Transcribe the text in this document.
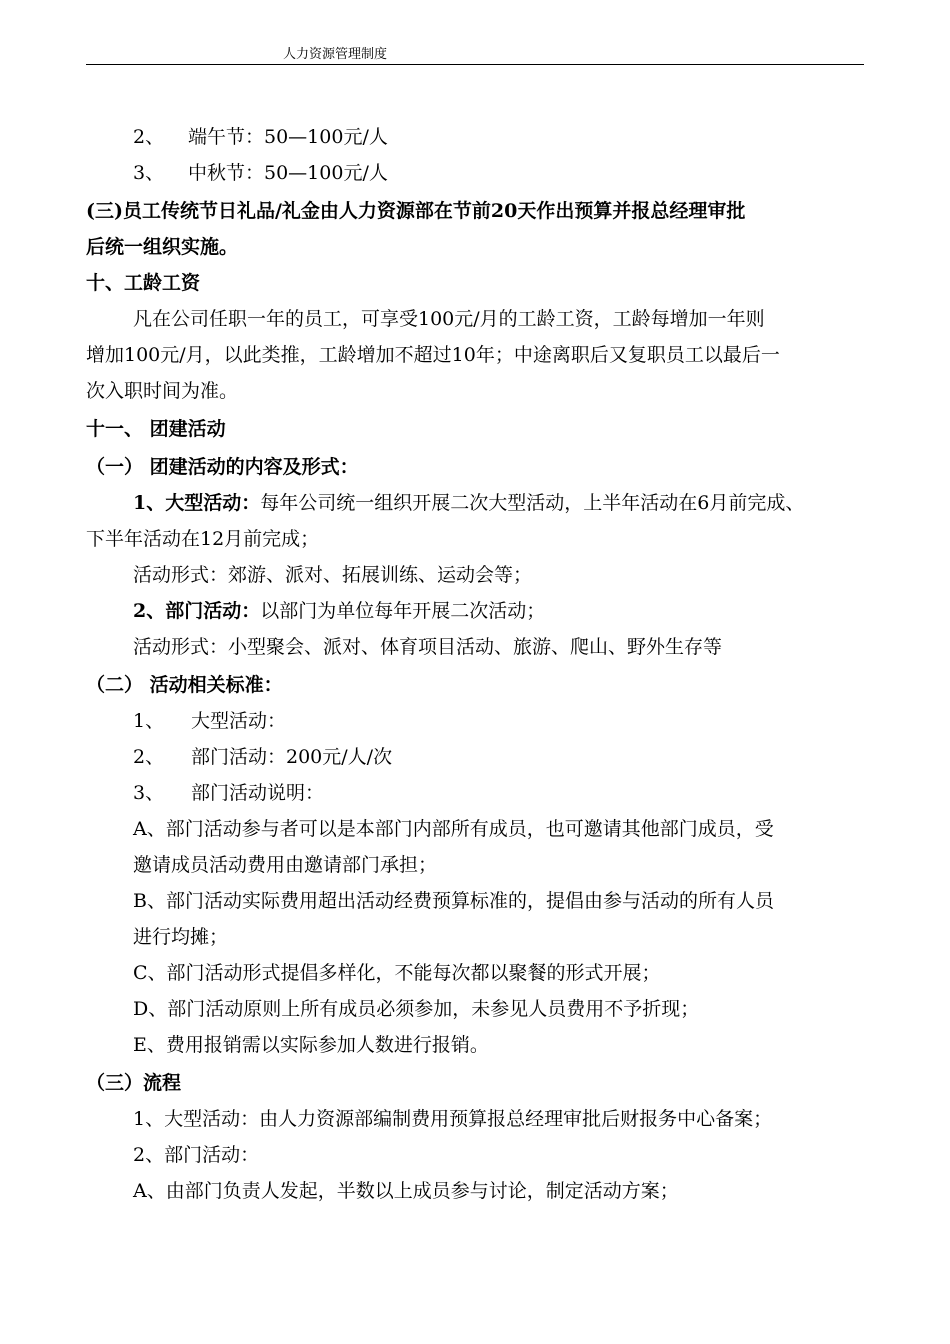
人力资源管理制度
2、 端午节：50—100元/人
3、 中秋节：50—100元/人
(三)员工传统节日礼品/礼金由人力资源部在节前20天作出预算并报总经理审批
后统一组织实施。
十、工龄工资
凡在公司任职一年的员工，可享受100元/月的工龄工资，工龄每增加一年则
增加100元/月，以此类推，工龄增加不超过10年；中途离职后又复职员工以最后一
次入职时间为准。
十一、 团建活动
（一） 团建活动的内容及形式：
1、大型活动：每年公司统一组织开展二次大型活动，上半年活动在6月前完成、
下半年活动在12月前完成；
活动形式：郊游、派对、拓展训练、运动会等；
2、部门活动：以部门为单位每年开展二次活动；
活动形式：小型聚会、派对、体育项目活动、旅游、爬山、野外生存等
（二） 活动相关标准：
1、 大型活动：
2、 部门活动：200元/人/次
3、 部门活动说明：
A、部门活动参与者可以是本部门内部所有成员，也可邀请其他部门成员，受
邀请成员活动费用由邀请部门承担；
B、部门活动实际费用超出活动经费预算标准的，提倡由参与活动的所有人员
进行均摊；
C、部门活动形式提倡多样化，不能每次都以聚餐的形式开展；
D、部门活动原则上所有成员必须参加，未参见人员费用不予折现；
E、费用报销需以实际参加人数进行报销。
（三）流程
1、大型活动：由人力资源部编制费用预算报总经理审批后财报务中心备案；
2、部门活动：
A、由部门负责人发起，半数以上成员参与讨论，制定活动方案；
